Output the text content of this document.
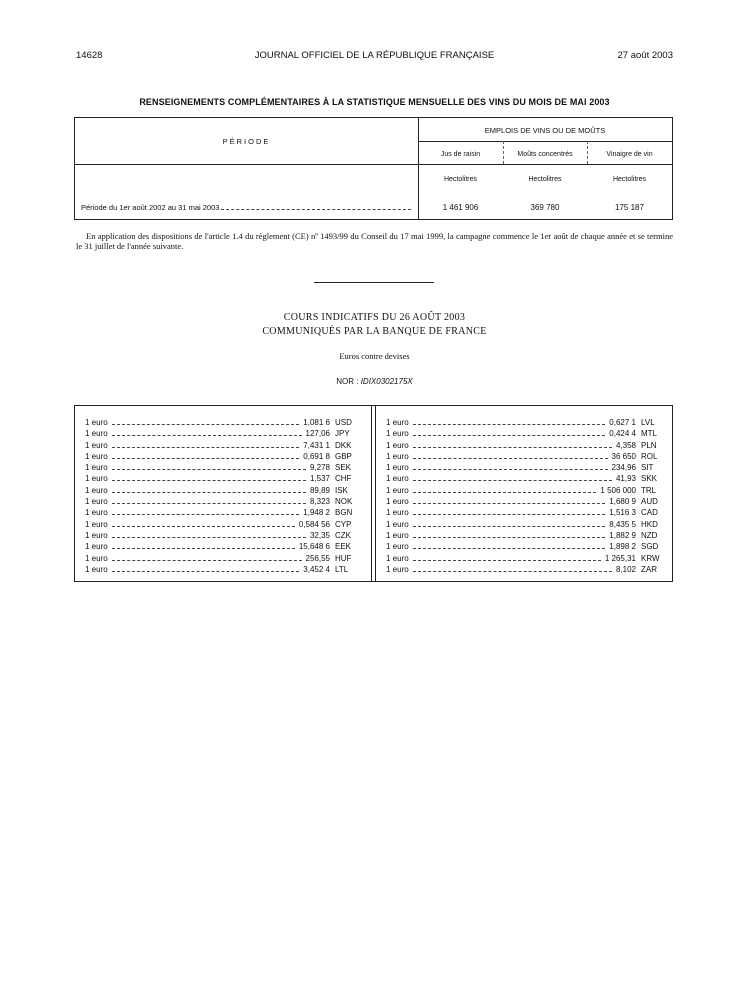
14628	JOURNAL OFFICIEL DE LA RÉPUBLIQUE FRANÇAISE	27 août 2003
RENSEIGNEMENTS COMPLÉMENTAIRES À LA STATISTIQUE MENSUELLE DES VINS DU MOIS DE MAI 2003
PÉRIODE
EMPLOIS DE VINS OU DE MOÛTS
Jus de raisin	Moûts concentrés	Vinaigre de vin
Hectolitres	Hectolitres	Hectolitres
Période du 1er août 2002 au 31 mai 2003	1 461 906	369 780	175 187
En application des dispositions de l'article 1.4 du règlement (CE) nº 1493/99 du Conseil du 17 mai 1999, la campagne commence le 1er août de chaque année et se termine le 31 juillet de l'année suivante.
COURS INDICATIFS DU 26 AOÛT 2003
COMMUNIQUÉS PAR LA BANQUE DE FRANCE
Euros contre devises
NOR : IDIX0302175X
1 euro	1,081 6 USD
1 euro	127,06 JPY
1 euro	7,431 1 DKK
1 euro	0,691 8 GBP
1 euro	9,278 SEK
1 euro	1,537 CHF
1 euro	89,89 ISK
1 euro	8,323 NOK
1 euro	1,948 2 BGN
1 euro	0,584 56 CYP
1 euro	32,35 CZK
1 euro	15,648 6 EEK
1 euro	256,55 HUF
1 euro	3,452 4 LTL
1 euro	0,627 1 LVL
1 euro	0,424 4 MTL
1 euro	4,358 PLN
1 euro	36 650 ROL
1 euro	234,96 SIT
1 euro	41,93 SKK
1 euro	1 506 000 TRL
1 euro	1,680 9 AUD
1 euro	1,516 3 CAD
1 euro	8,435 5 HKD
1 euro	1,882 9 NZD
1 euro	1,898 2 SGD
1 euro	1 265,31 KRW
1 euro	8,102 ZAR
